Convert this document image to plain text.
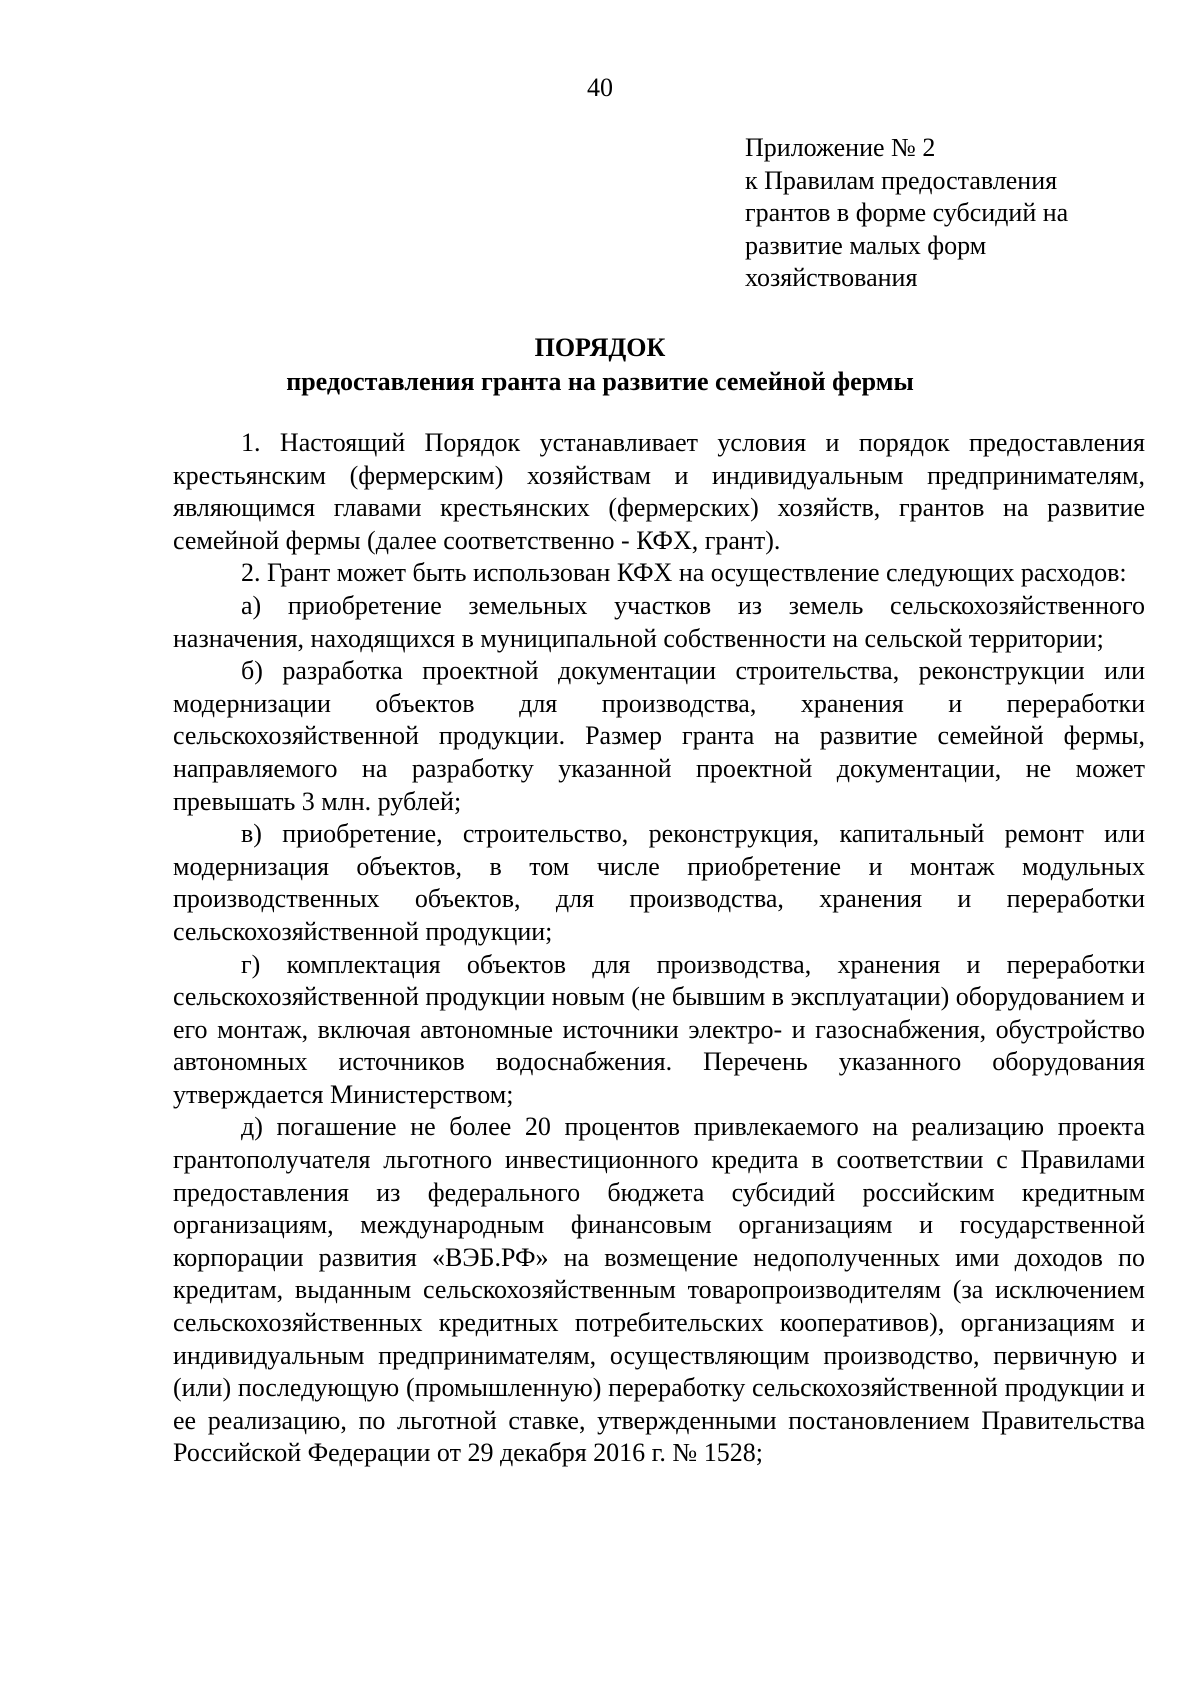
40
Приложение № 2
к Правилам предоставления
грантов в форме субсидий на
развитие малых форм
хозяйствования
ПОРЯДОК
предоставления гранта на развитие семейной фермы

1. Настоящий Порядок устанавливает условия и порядок предоставления крестьянским (фермерским) хозяйствам и индивидуальным предпринимателям, являющимся главами крестьянских (фермерских) хозяйств, грантов на развитие семейной фермы (далее соответственно - КФХ, грант).

2. Грант может быть использован КФХ на осуществление следующих расходов:

а) приобретение земельных участков из земель сельскохозяйственного назначения, находящихся в муниципальной собственности на сельской территории;

б) разработка проектной документации строительства, реконструкции или модернизации объектов для производства, хранения и переработки сельскохозяйственной продукции. Размер гранта на развитие семейной фермы, направляемого на разработку указанной проектной документации, не может превышать 3 млн. рублей;

в) приобретение, строительство, реконструкция, капитальный ремонт или модернизация объектов, в том числе приобретение и монтаж модульных производственных объектов, для производства, хранения и переработки сельскохозяйственной продукции;

г) комплектация объектов для производства, хранения и переработки сельскохозяйственной продукции новым (не бывшим в эксплуатации) оборудованием и его монтаж, включая автономные источники электро- и газоснабжения, обустройство автономных источников водоснабжения. Перечень указанного оборудования утверждается Министерством;

д) погашение не более 20 процентов привлекаемого на реализацию проекта грантополучателя льготного инвестиционного кредита в соответствии с Правилами предоставления из федерального бюджета субсидий российским кредитным организациям, международным финансовым организациям и государственной корпорации развития «ВЭБ.РФ» на возмещение недополученных ими доходов по кредитам, выданным сельскохозяйственным товаропроизводителям (за исключением сельскохозяйственных кредитных потребительских кооперативов), организациям и индивидуальным предпринимателям, осуществляющим производство, первичную и (или) последующую (промышленную) переработку сельскохозяйственной продукции и ее реализацию, по льготной ставке, утвержденными постановлением Правительства Российской Федерации от 29 декабря 2016 г. № 1528;
